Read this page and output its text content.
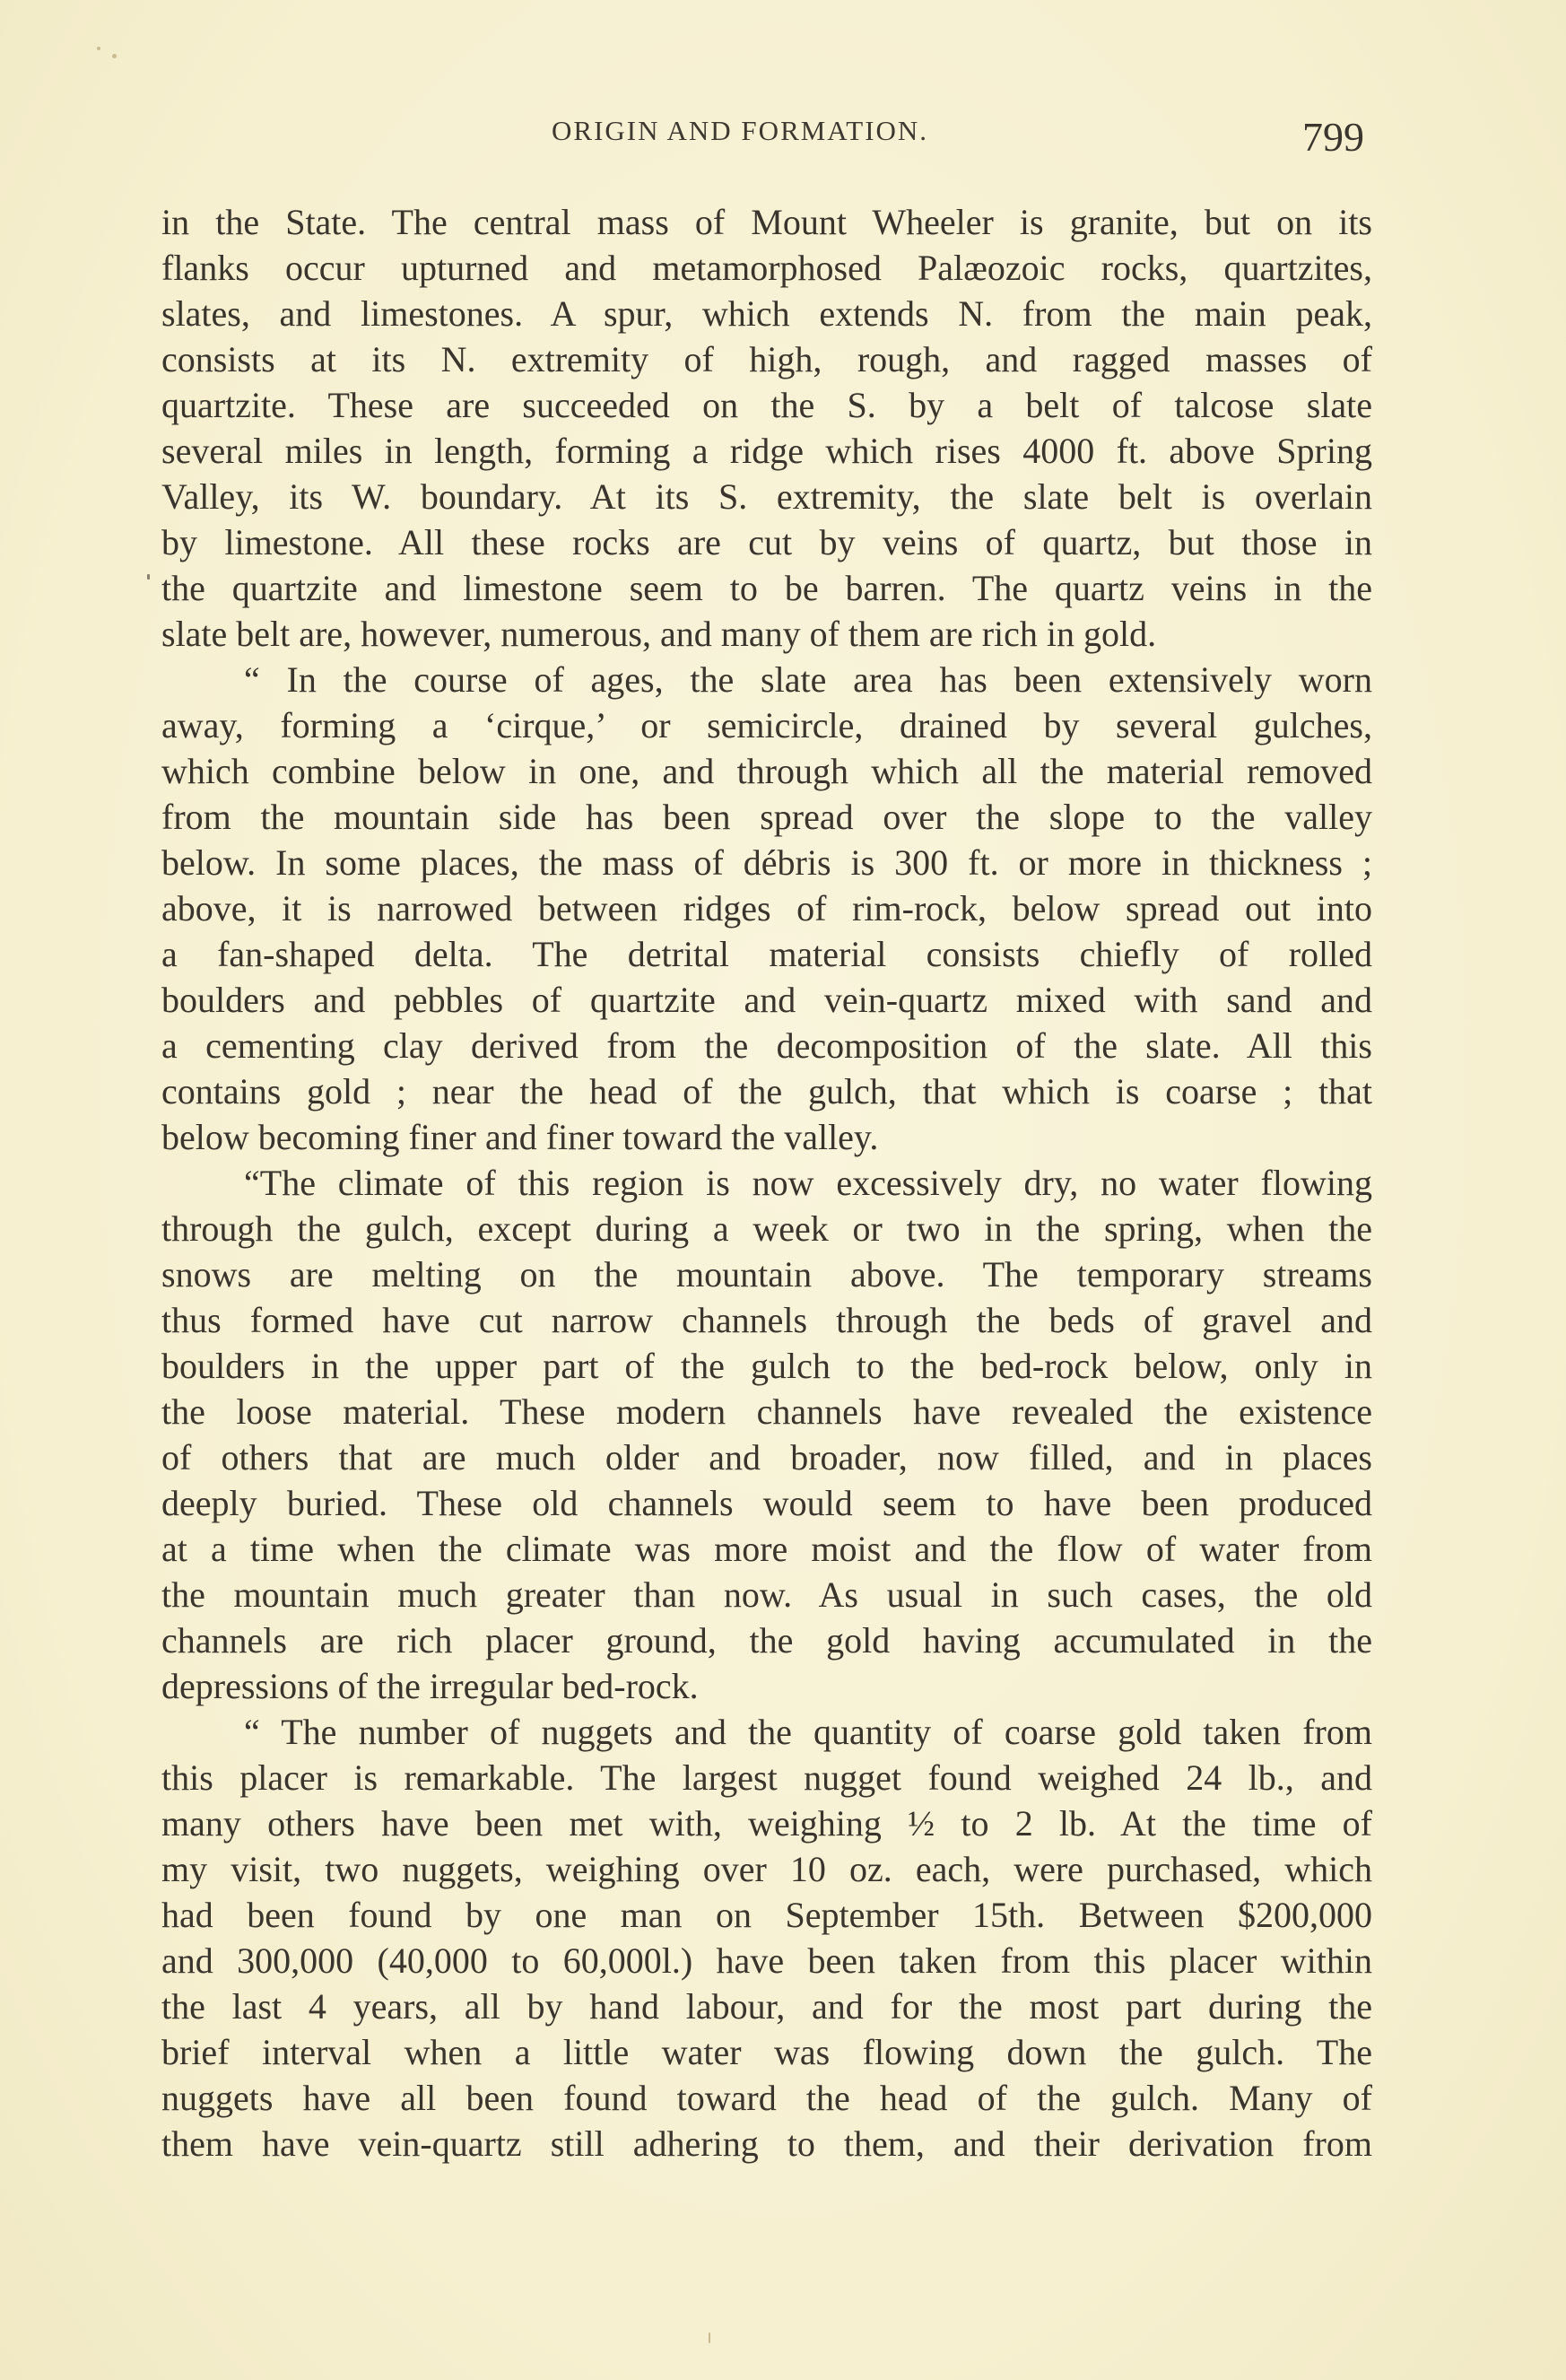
ORIGIN AND FORMATION.	799
in the State. The central mass of Mount Wheeler is granite, but on its
flanks occur upturned and metamorphosed Palæozoic rocks, quartzites,
slates, and limestones. A spur, which extends N. from the main peak,
consists at its N. extremity of high, rough, and ragged masses of
quartzite. These are succeeded on the S. by a belt of talcose slate
several miles in length, forming a ridge which rises 4000 ft. above Spring
Valley, its W. boundary. At its S. extremity, the slate belt is overlain
by limestone. All these rocks are cut by veins of quartz, but those in
the quartzite and limestone seem to be barren. The quartz veins in the
slate belt are, however, numerous, and many of them are rich in gold.
“ In the course of ages, the slate area has been extensively worn
away, forming a ‘cirque,’ or semicircle, drained by several gulches,
which combine below in one, and through which all the material removed
from the mountain side has been spread over the slope to the valley
below. In some places, the mass of débris is 300 ft. or more in thickness ;
above, it is narrowed between ridges of rim-rock, below spread out into
a fan-shaped delta. The detrital material consists chiefly of rolled
boulders and pebbles of quartzite and vein-quartz mixed with sand and
a cementing clay derived from the decomposition of the slate. All this
contains gold ; near the head of the gulch, that which is coarse ; that
below becoming finer and finer toward the valley.
“The climate of this region is now excessively dry, no water flowing
through the gulch, except during a week or two in the spring, when the
snows are melting on the mountain above. The temporary streams
thus formed have cut narrow channels through the beds of gravel and
boulders in the upper part of the gulch to the bed-rock below, only in
the loose material. These modern channels have revealed the existence
of others that are much older and broader, now filled, and in places
deeply buried. These old channels would seem to have been produced
at a time when the climate was more moist and the flow of water from
the mountain much greater than now. As usual in such cases, the old
channels are rich placer ground, the gold having accumulated in the
depressions of the irregular bed-rock.
“ The number of nuggets and the quantity of coarse gold taken from
this placer is remarkable. The largest nugget found weighed 24 lb., and
many others have been met with, weighing ½ to 2 lb. At the time of
my visit, two nuggets, weighing over 10 oz. each, were purchased, which
had been found by one man on September 15th. Between $200,000
and 300,000 (40,000 to 60,000l.) have been taken from this placer within
the last 4 years, all by hand labour, and for the most part during the
brief interval when a little water was flowing down the gulch. The
nuggets have all been found toward the head of the gulch. Many of
them have vein-quartz still adhering to them, and their derivation from
